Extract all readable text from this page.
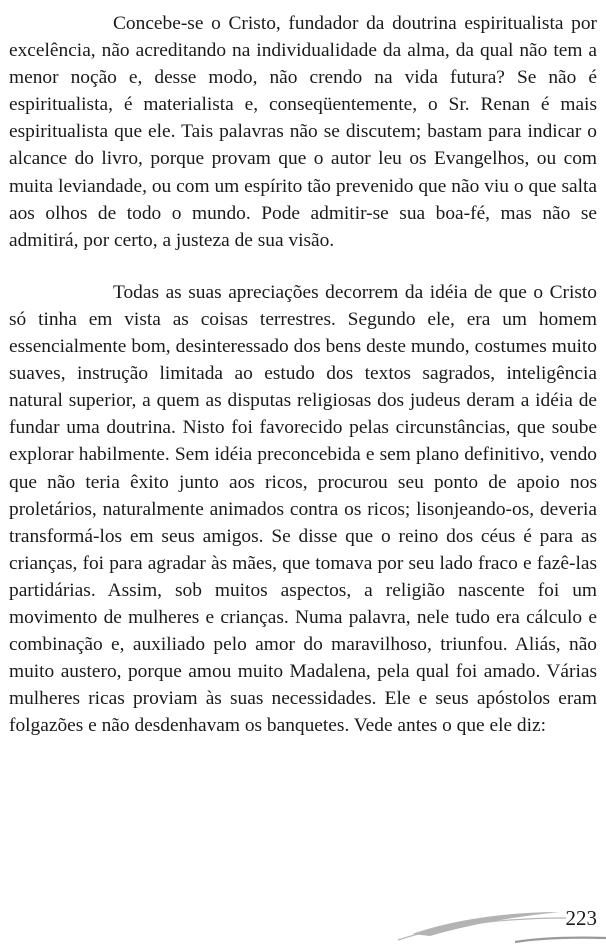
Concebe-se o Cristo, fundador da doutrina espiritualista por excelência, não acreditando na individualidade da alma, da qual não tem a menor noção e, desse modo, não crendo na vida futura? Se não é espiritualista, é materialista e, conseqüentemente, o Sr. Renan é mais espiritualista que ele. Tais palavras não se discutem; bastam para indicar o alcance do livro, porque provam que o autor leu os Evangelhos, ou com muita leviandade, ou com um espírito tão prevenido que não viu o que salta aos olhos de todo o mundo. Pode admitir-se sua boa-fé, mas não se admitirá, por certo, a justeza de sua visão.

Todas as suas apreciações decorrem da idéia de que o Cristo só tinha em vista as coisas terrestres. Segundo ele, era um homem essencialmente bom, desinteressado dos bens deste mundo, costumes muito suaves, instrução limitada ao estudo dos textos sagrados, inteligência natural superior, a quem as disputas religiosas dos judeus deram a idéia de fundar uma doutrina. Nisto foi favorecido pelas circunstâncias, que soube explorar habilmente. Sem idéia preconcebida e sem plano definitivo, vendo que não teria êxito junto aos ricos, procurou seu ponto de apoio nos proletários, naturalmente animados contra os ricos; lisonjeando-os, deveria transformá-los em seus amigos. Se disse que o reino dos céus é para as crianças, foi para agradar às mães, que tomava por seu lado fraco e fazê-las partidárias. Assim, sob muitos aspectos, a religião nascente foi um movimento de mulheres e crianças. Numa palavra, nele tudo era cálculo e combinação e, auxiliado pelo amor do maravilhoso, triunfou. Aliás, não muito austero, porque amou muito Madalena, pela qual foi amado. Várias mulheres ricas proviam às suas necessidades. Ele e seus apóstolos eram folgazões e não desdenhavam os banquetes. Vede antes o que ele diz:

223
